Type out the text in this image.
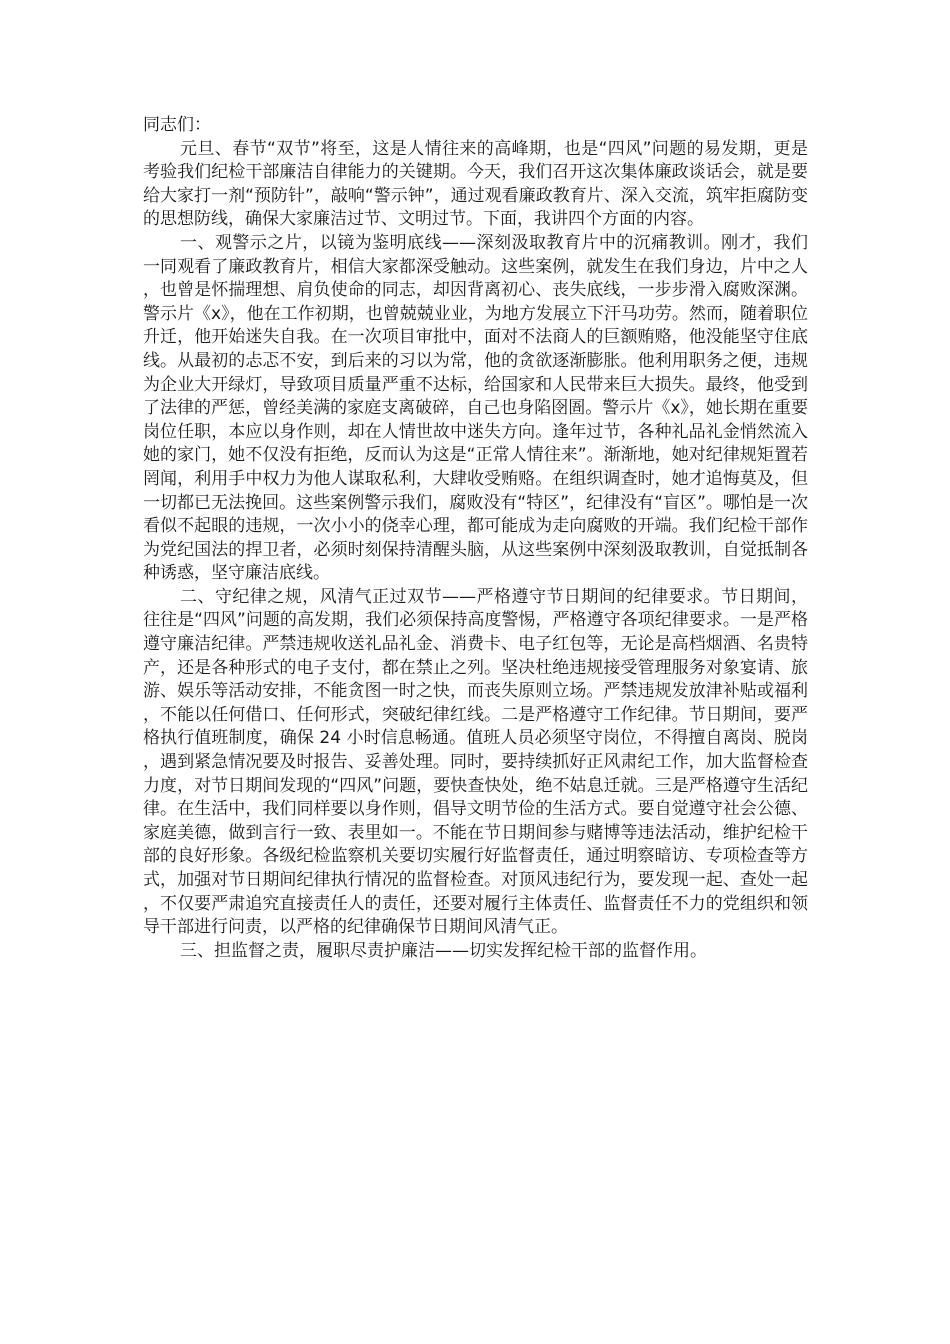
同志们：

元旦、春节“双节”将至，这是人情往来的高峰期，也是“四风”问题的易发期，更是考验我们纪检干部廉洁自律能力的关键期。今天，我们召开这次集体廉政谈话会，就是要给大家打一剂“预防针”，敲响“警示钟”，通过观看廉政教育片、深入交流，筑牢拒腐防变的思想防线，确保大家廉洁过节、文明过节。下面，我讲四个方面的内容。

一、观警示之片，以镜为鉴明底线——深刻汲取教育片中的沉痛教训。刚才，我们一同观看了廉政教育片，相信大家都深受触动。这些案例，就发生在我们身边，片中之人，也曾是怀揣理想、肩负使命的同志，却因背离初心、丧失底线，一步步滑入腐败深渊。警示片《x》，他在工作初期，也曾兢兢业业，为地方发展立下汗马功劳。然而，随着职位升迁，他开始迷失自我。在一次项目审批中，面对不法商人的巨额贿赂，他没能坚守住底线。从最初的忐忑不安，到后来的习以为常，他的贪欲逐渐膨胀。他利用职务之便，违规为企业大开绿灯，导致项目质量严重不达标，给国家和人民带来巨大损失。最终，他受到了法律的严惩，曾经美满的家庭支离破碎，自己也身陷囹圄。警示片《x》，她长期在重要岗位任职，本应以身作则，却在人情世故中迷失方向。逢年过节，各种礼品礼金悄然流入她的家门，她不仅没有拒绝，反而认为这是“正常人情往来”。渐渐地，她对纪律规矩置若罔闻，利用手中权力为他人谋取私利，大肆收受贿赂。在组织调查时，她才追悔莫及，但一切都已无法挽回。这些案例警示我们，腐败没有“特区”，纪律没有“盲区”。哪怕是一次看似不起眼的违规，一次小小的侥幸心理，都可能成为走向腐败的开端。我们纪检干部作为党纪国法的捍卫者，必须时刻保持清醒头脑，从这些案例中深刻汲取教训，自觉抵制各种诱惑，坚守廉洁底线。

二、守纪律之规，风清气正过双节——严格遵守节日期间的纪律要求。节日期间，往往是“四风”问题的高发期，我们必须保持高度警惕，严格遵守各项纪律要求。一是严格遵守廉洁纪律。严禁违规收送礼品礼金、消费卡、电子红包等，无论是高档烟酒、名贵特产，还是各种形式的电子支付，都在禁止之列。坚决杜绝违规接受管理服务对象宴请、旅游、娱乐等活动安排，不能贪图一时之快，而丧失原则立场。严禁违规发放津补贴或福利，不能以任何借口、任何形式，突破纪律红线。二是严格遵守工作纪律。节日期间，要严格执行值班制度，确保 24 小时信息畅通。值班人员必须坚守岗位，不得擅自离岗、脱岗，遇到紧急情况要及时报告、妥善处理。同时，要持续抓好正风肃纪工作，加大监督检查力度，对节日期间发现的“四风”问题，要快查快处，绝不姑息迁就。三是严格遵守生活纪律。在生活中，我们同样要以身作则，倡导文明节俭的生活方式。要自觉遵守社会公德、家庭美德，做到言行一致、表里如一。不能在节日期间参与赌博等违法活动，维护纪检干部的良好形象。各级纪检监察机关要切实履行好监督责任，通过明察暗访、专项检查等方式，加强对节日期间纪律执行情况的监督检查。对顶风违纪行为，要发现一起、查处一起，不仅要严肃追究直接责任人的责任，还要对履行主体责任、监督责任不力的党组织和领导干部进行问责，以严格的纪律确保节日期间风清气正。

三、担监督之责，履职尽责护廉洁——切实发挥纪检干部的监督作用。
